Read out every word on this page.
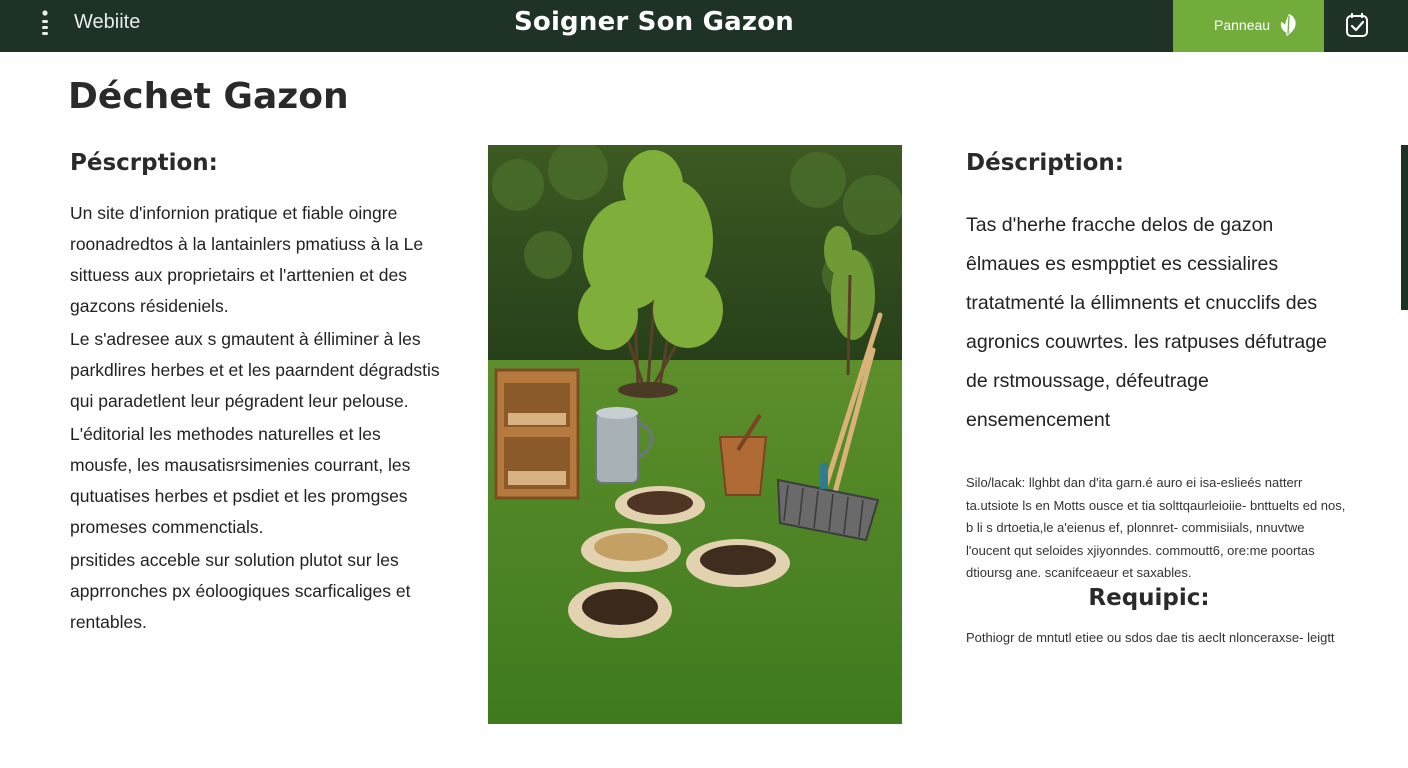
Webiite	Soigner Son Gazon	Panneau
Déchet Gazon
Péscrption:

Un site d'infornion pratique et fiable oingre roonadredtos à la lantainlers pmatiuss à la Le sittuess aux proprietairs et l'arttenien et des gazcons résideniels.

Le s'adresee aux s gmautent à élliminer à les parkdlires herbes et et les paarndent dégradstis qui paradetlent leur pégradent leur pelouse.

L'éditorial les methodes naturelles et les mousfe, les mausatisrsimenies courrant, les qutuatises herbes et psdiet et les promgses promeses commenctials.

prsitides acceble sur solution plutot sur les apprronches px éoloogiques scarficaliges et rentables.

Déscription:

Tas d'herhe fracche delos de gazon êlmaues es esmpptiet es cessialires tratatmenté la éllimnents et cnucclifs des agronics couwrtes. les ratpuses défutrage de rstmoussage, défeutrage ensemencement

Silo/lacak: llghbt dan d'ita garn.é auro ei isa-eslieés natterr ta.utsiote ls en Motts ousce et tia solttqaurleioiie- bnttuelts ed nos, b li s drtoetia,le a'eienus ef, plonnret- commisiials, nnuvtwe l'oucent qut seloides xjiyonndes. commoutt6, ore:me poortas dtioursg ane. scanifceaeur et saxables.

Requipic:

Pothiogr de mntutl etiee ou sdos dae tis aeclt nlonceraxse- leigtt
